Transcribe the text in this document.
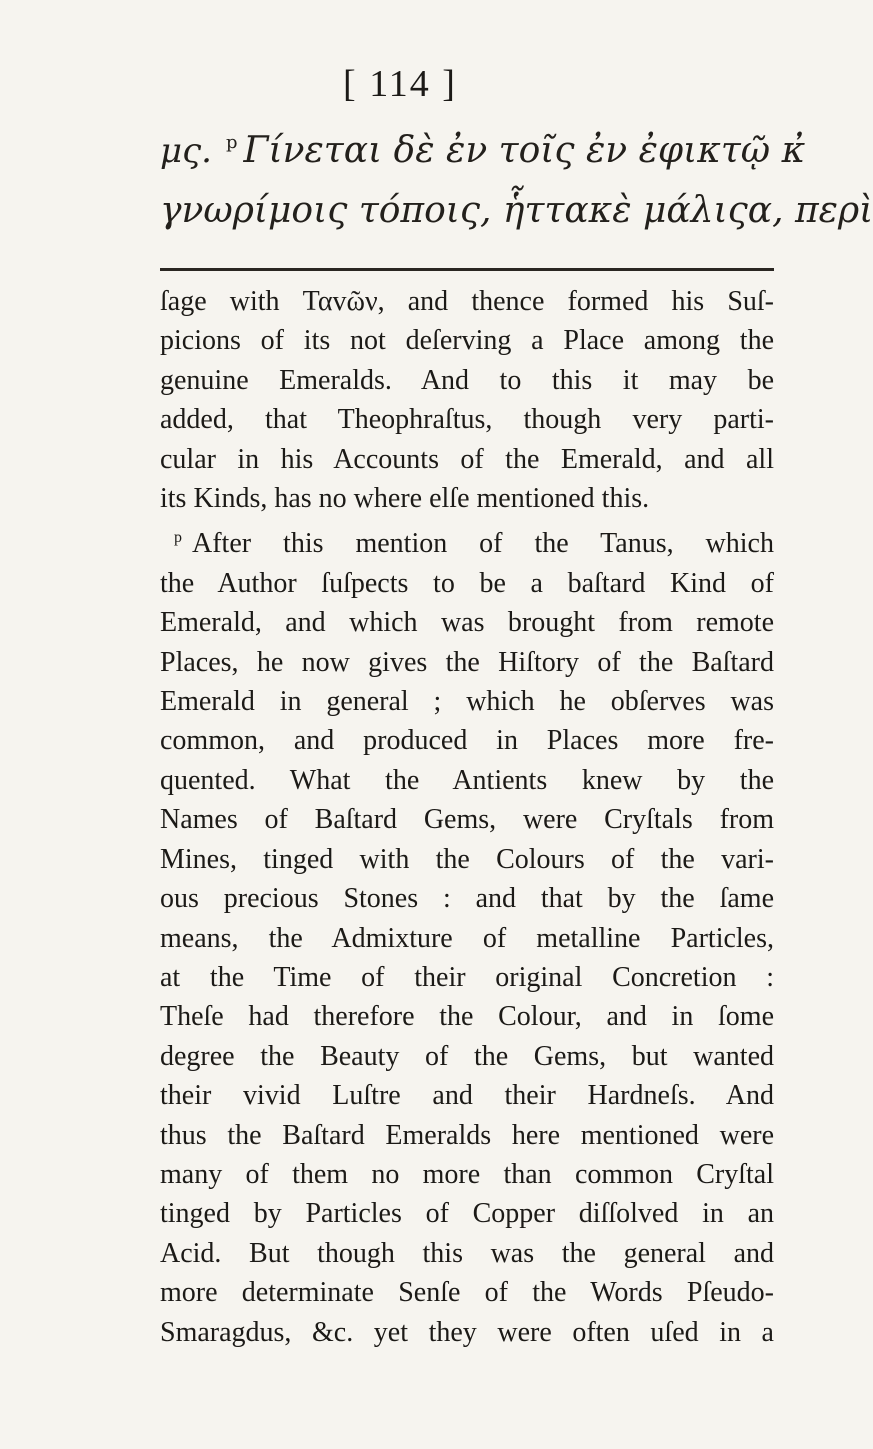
[ 114 ]
μς. $^p$ Γίνεται δὲ ἐν τοῖς ἐν ἐφικτῷ κ̓
γνωρίμοις τόποις, ἧττακὲ μάλιςα, περὶ
ſage with Ταvῶν, and thence formed his Suſ-
picions of its not deſerving a Place among the
genuine Emeralds. And to this it may be
added, that Theophraſtus, though very parti-
cular in his Accounts of the Emerald, and all
its Kinds, has no where elſe mentioned this.
$^p$ After this mention of the Tanus, which
the Author ſuſpects to be a baſtard Kind of
Emerald, and which was brought from remote
Places, he now gives the Hiſtory of the Baſtard
Emerald in general ; which he obſerves was
common, and produced in Places more fre-
quented. What the Antients knew by the
Names of Baſtard Gems, were Cryſtals from
Mines, tinged with the Colours of the vari-
ous precious Stones : and that by the ſame
means, the Admixture of metalline Particles,
at the Time of their original Concretion :
Theſe had therefore the Colour, and in ſome
degree the Beauty of the Gems, but wanted
their vivid Luſtre and their Hardneſs. And
thus the Baſtard Emeralds here mentioned were
many of them no more than common Cryſtal
tinged by Particles of Copper diſſolved in an
Acid. But though this was the general and
more determinate Senſe of the Words Pſeudo-
Smaragdus, &c. yet they were often uſed in a
